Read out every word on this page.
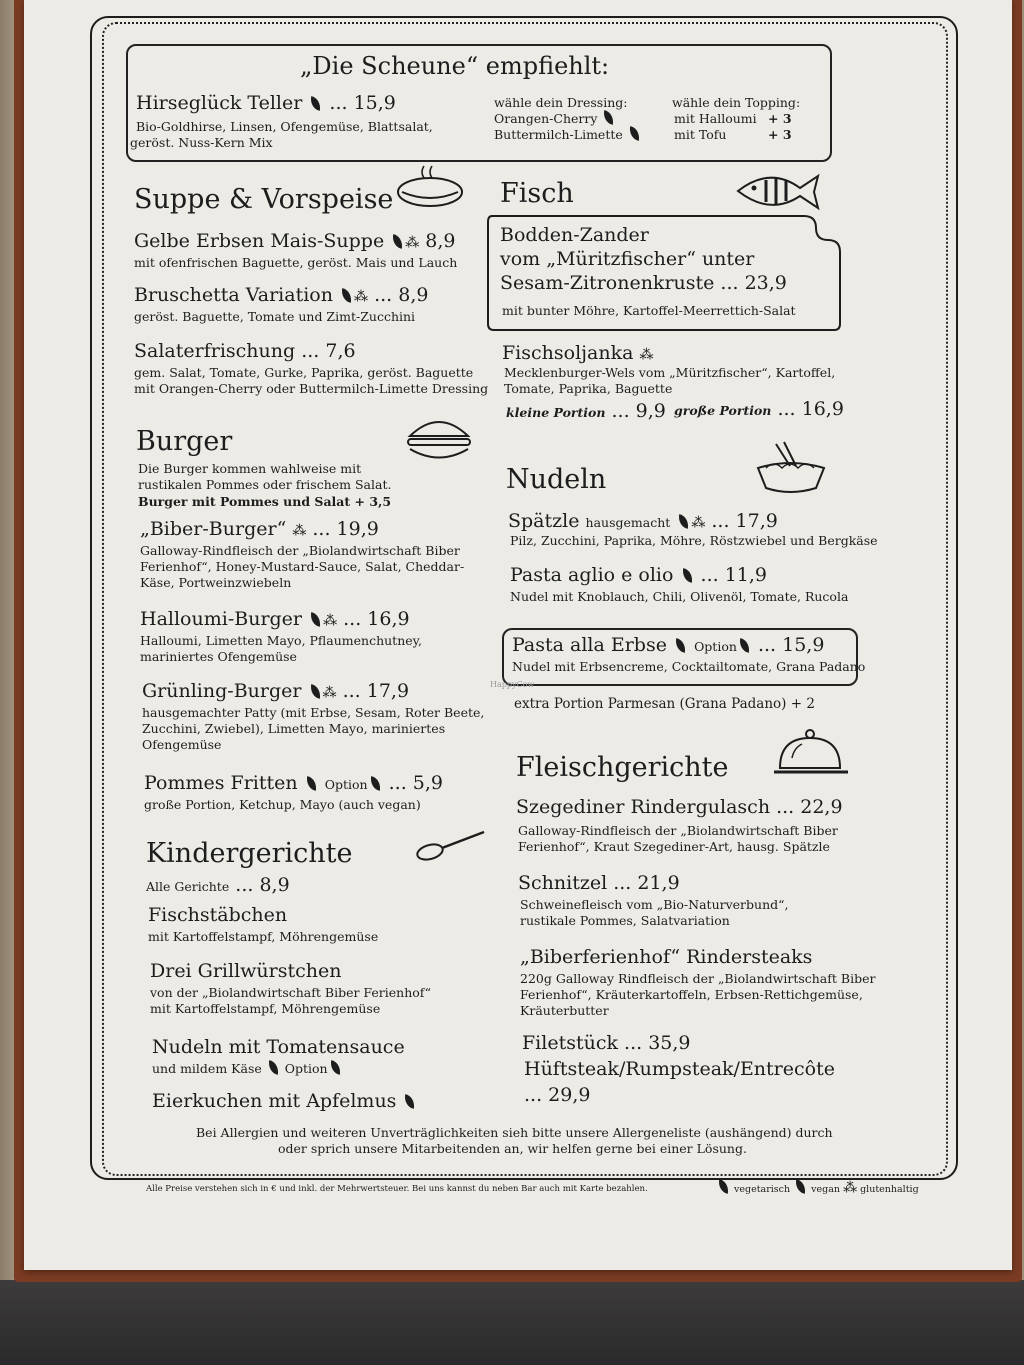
„Die Scheune“ empfiehlt:
Hirseglück Teller ... 15,9
Bio-Goldhirse, Linsen, Ofengemüse, Blattsalat,
geröst. Nuss-Kern Mix
wähle dein Dressing:
Orangen-Cherry
Buttermilch-Limette
wähle dein Topping:
mit Halloumi + 3
mit Tofu	+ 3
Suppe & Vorspeise
Gelbe Erbsen Mais-Suppe ⁂ 8,9
mit ofenfrischen Baguette, geröst. Mais und Lauch
Bruschetta Variation ⁂ ... 8,9
geröst. Baguette, Tomate und Zimt-Zucchini
Salaterfrischung ... 7,6
gem. Salat, Tomate, Gurke, Paprika, geröst. Baguette
mit Orangen-Cherry oder Buttermilch-Limette Dressing
Burger
Die Burger kommen wahlweise mit
rustikalen Pommes oder frischem Salat.
Burger mit Pommes und Salat + 3,5
„Biber-Burger“ ⁂ ... 19,9
Galloway-Rindfleisch der „Biolandwirtschaft Biber
Ferienhof“, Honey-Mustard-Sauce, Salat, Cheddar-
Käse, Portweinzwiebeln
Halloumi-Burger ⁂ ... 16,9
Halloumi, Limetten Mayo, Pflaumenchutney,
mariniertes Ofengemüse
Grünling-Burger ⁂ ... 17,9
hausgemachter Patty (mit Erbse, Sesam, Roter Beete,
Zucchini, Zwiebel), Limetten Mayo, mariniertes
Ofengemüse
Pommes Fritten Option ... 5,9
große Portion, Ketchup, Mayo (auch vegan)
Kindergerichte
Alle Gerichte ... 8,9
Fischstäbchen
mit Kartoffelstampf, Möhrengemüse
Drei Grillwürstchen
von der „Biolandwirtschaft Biber Ferienhof“
mit Kartoffelstampf, Möhrengemüse
Nudeln mit Tomatensauce
und mildem Käse Option
Eierkuchen mit Apfelmus
Fisch
Bodden-Zander
vom „Müritzfischer“ unter
Sesam-Zitronenkruste ... 23,9
mit bunter Möhre, Kartoffel-Meerrettich-Salat
Fischsoljanka ⁂
Mecklenburger-Wels vom „Müritzfischer“, Kartoffel,
Tomate, Paprika, Baguette
kleine Portion ... 9,9 große Portion ... 16,9
Nudeln
Spätzle hausgemacht ⁂ ... 17,9
Pilz, Zucchini, Paprika, Möhre, Röstzwiebel und Bergkäse
Pasta aglio e olio ... 11,9
Nudel mit Knoblauch, Chili, Olivenöl, Tomate, Rucola
Pasta alla Erbse Option ... 15,9
Nudel mit Erbsencreme, Cocktailtomate, Grana Padano
HappyCow
extra Portion Parmesan (Grana Padano) + 2
Fleischgerichte
Szegediner Rindergulasch ... 22,9
Galloway-Rindfleisch der „Biolandwirtschaft Biber
Ferienhof“, Kraut Szegediner-Art, hausg. Spätzle
Schnitzel ... 21,9
Schweinefleisch vom „Bio-Naturverbund“,
rustikale Pommes, Salatvariation
„Biberferienhof“ Rindersteaks
220g Galloway Rindfleisch der „Biolandwirtschaft Biber
Ferienhof“, Kräuterkartoffeln, Erbsen-Rettichgemüse,
Kräuterbutter
Filetstück ... 35,9
Hüftsteak/Rumpsteak/Entrecôte
... 29,9
Bei Allergien und weiteren Unverträglichkeiten sieh bitte unsere Allergeneliste (aushängend) durch
oder sprich unsere Mitarbeitenden an, wir helfen gerne bei einer Lösung.
Alle Preise verstehen sich in € und inkl. der Mehrwertsteuer. Bei uns kannst du neben Bar auch mit Karte bezahlen.	vegetarisch vegan ⁂ glutenhaltig
